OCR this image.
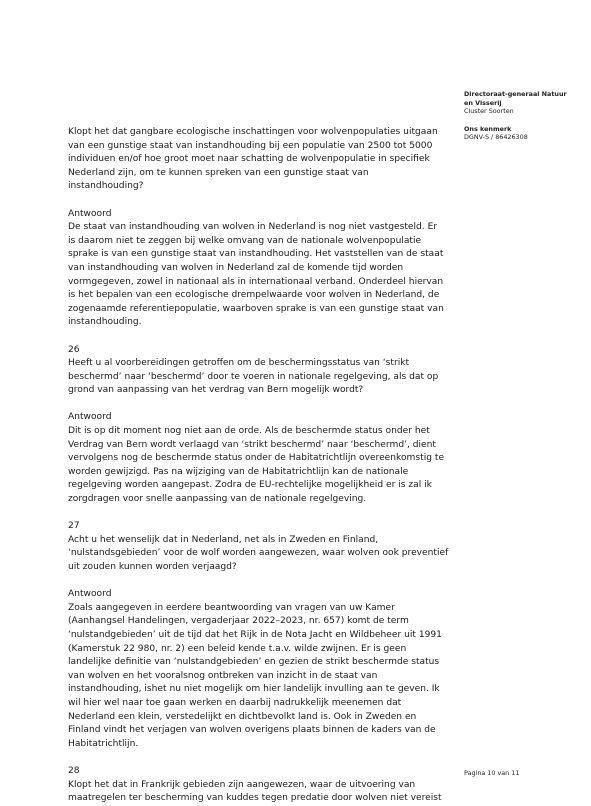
Directoraat-generaal Natuur
en Visserij
Cluster Soorten
Ons kenmerk
DGNV-S / 86426308

Klopt het dat gangbare ecologische inschattingen voor wolvenpopulaties uitgaan

van een gunstige staat van instandhouding bij een populatie van 2500 tot 5000

individuen en/of hoe groot moet naar schatting de wolvenpopulatie in specifiek

Nederland zijn, om te kunnen spreken van een gunstige staat van

instandhouding?

Antwoord

De staat van instandhouding van wolven in Nederland is nog niet vastgesteld. Er

is daarom niet te zeggen bij welke omvang van de nationale wolvenpopulatie

sprake is van een gunstige staat van instandhouding. Het vaststellen van de staat

van instandhouding van wolven in Nederland zal de komende tijd worden

vormgegeven, zowel in nationaal als in internationaal verband. Onderdeel hiervan

is het bepalen van een ecologische drempelwaarde voor wolven in Nederland, de

zogenaamde referentiepopulatie, waarboven sprake is van een gunstige staat van

instandhouding.

26

Heeft u al voorbereidingen getroffen om de beschermingsstatus van ‘strikt

beschermd’ naar ‘beschermd’ door te voeren in nationale regelgeving, als dat op

grond van aanpassing van het verdrag van Bern mogelijk wordt?

Antwoord

Dit is op dit moment nog niet aan de orde. Als de beschermde status onder het

Verdrag van Bern wordt verlaagd van ‘strikt beschermd’ naar ‘beschermd’, dient

vervolgens nog de beschermde status onder de Habitatrichtlijn overeenkomstig te

worden gewijzigd. Pas na wijziging van de Habitatrichtlijn kan de nationale

regelgeving worden aangepast. Zodra de EU-rechtelijke mogelijkheid er is zal ik

zorgdragen voor snelle aanpassing van de nationale regelgeving.

27

Acht u het wenselijk dat in Nederland, net als in Zweden en Finland,

‘nulstandsgebieden’ voor de wolf worden aangewezen, waar wolven ook preventief

uit zouden kunnen worden verjaagd?

Antwoord

Zoals aangegeven in eerdere beantwoording van vragen van uw Kamer

(Aanhangsel Handelingen, vergaderjaar 2022–2023, nr. 657) komt de term

‘nulstandgebieden’ uit de tijd dat het Rijk in de Nota Jacht en Wildbeheer uit 1991

(Kamerstuk 22 980, nr. 2) een beleid kende t.a.v. wilde zwijnen. Er is geen

landelijke definitie van ‘nulstandgebieden’ en gezien de strikt beschermde status

van wolven en het vooralsnog ontbreken van inzicht in de staat van

instandhouding, ishet nu niet mogelijk om hier landelijk invulling aan te geven. Ik

wil hier wel naar toe gaan werken en daarbij nadrukkelijk meenemen dat

Nederland een klein, verstedelijkt en dichtbevolkt land is. Ook in Zweden en

Finland vindt het verjagen van wolven overigens plaats binnen de kaders van de

Habitatrichtlijn.

28

Klopt het dat in Frankrijk gebieden zijn aangewezen, waar de uitvoering van

maatregelen ter bescherming van kuddes tegen predatie door wolven niet vereist

Pagina 10 van 11
